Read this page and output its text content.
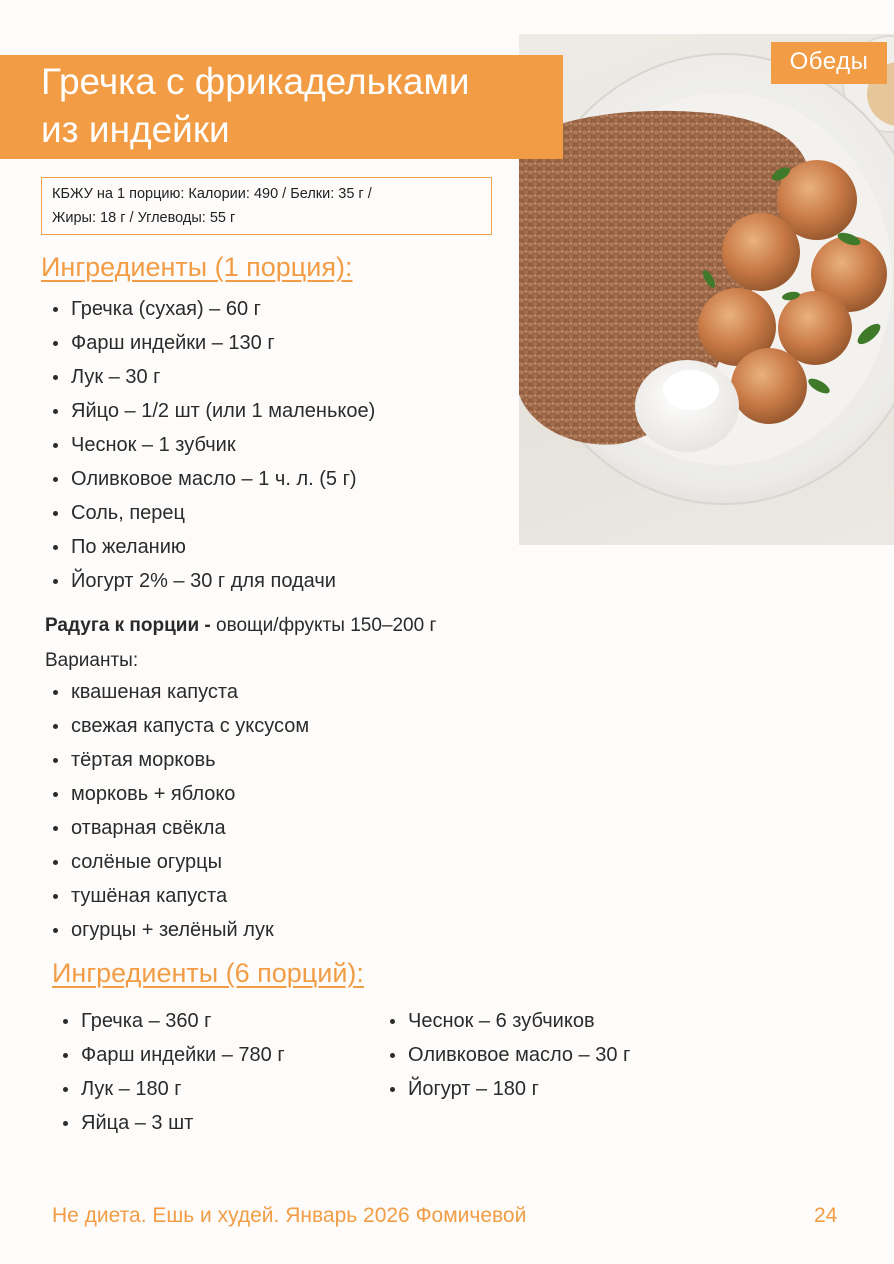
Обеды
Гречка с фрикадельками
из индейки
КБЖУ на 1 порцию: Калории: 490 / Белки: 35 г /
Жиры: 18 г / Углеводы: 55 г
Ингредиенты (1 порция):
Гречка (сухая) – 60 г
Фарш индейки – 130 г
Лук – 30 г
Яйцо – 1/2 шт (или 1 маленькое)
Чеснок – 1 зубчик
Оливковое масло – 1 ч. л. (5 г)
Соль, перец
По желанию
Йогурт 2% – 30 г для подачи
Радуга к порции - овощи/фрукты 150–200 г
Варианты:
квашеная капуста
свежая капуста с уксусом
тёртая морковь
морковь + яблоко
отварная свёкла
солёные огурцы
тушёная капуста
огурцы + зелёный лук
Ингредиенты (6 порций):
Гречка – 360 г
Фарш индейки – 780 г
Лук – 180 г
Яйца – 3 шт
Чеснок – 6 зубчиков
Оливковое масло – 30 г
Йогурт – 180 г
Не диета. Ешь и худей. Январь 2026 Фомичевой	24
